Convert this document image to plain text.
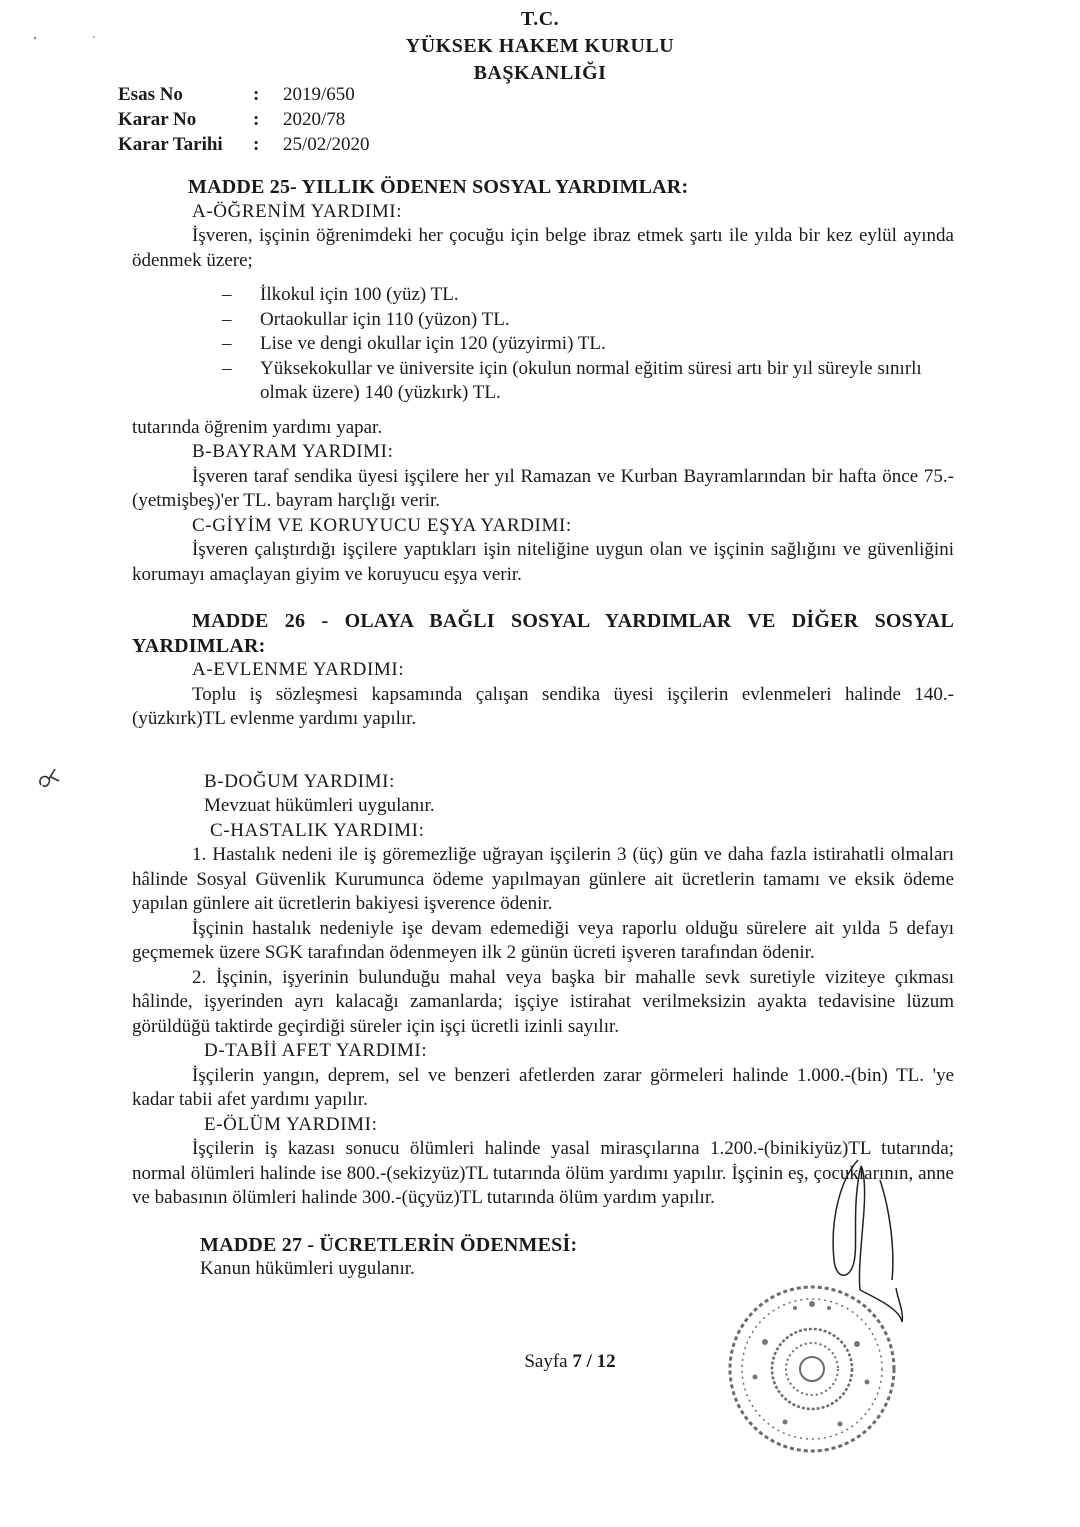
T.C.
YÜKSEK HAKEM KURULU
BAŞKANLIĞI
Esas No	:	2019/650
Karar No	:	2020/78
Karar Tarihi	:	25/02/2020
MADDE 25- YILLIK ÖDENEN SOSYAL YARDIMLAR:
A-ÖĞRENİM YARDIMI:
İşveren, işçinin öğrenimdeki her çocuğu için belge ibraz etmek şartı ile yılda bir kez eylül ayında ödenmek üzere;
– İlkokul için 100 (yüz) TL.
– Ortaokullar için 110 (yüzon) TL.
– Lise ve dengi okullar için 120 (yüzyirmi) TL.
– Yüksekokullar ve üniversite için (okulun normal eğitim süresi artı bir yıl süreyle sınırlı olmak üzere) 140 (yüzkırk) TL.
tutarında öğrenim yardımı yapar.
B-BAYRAM YARDIMI:
İşveren taraf sendika üyesi işçilere her yıl Ramazan ve Kurban Bayramlarından bir hafta önce 75.-(yetmişbeş)'er TL. bayram harçlığı verir.
C-GİYİM VE KORUYUCU EŞYA YARDIMI:
İşveren çalıştırdığı işçilere yaptıkları işin niteliğine uygun olan ve işçinin sağlığını ve güvenliğini korumayı amaçlayan giyim ve koruyucu eşya verir.
MADDE 26 - OLAYA BAĞLI SOSYAL YARDIMLAR VE DİĞER SOSYAL
YARDIMLAR:
A-EVLENME YARDIMI:
Toplu iş sözleşmesi kapsamında çalışan sendika üyesi işçilerin evlenmeleri halinde 140.-(yüzkırk)TL evlenme yardımı yapılır.
B-DOĞUM YARDIMI:
Mevzuat hükümleri uygulanır.
C-HASTALIK YARDIMI:
1. Hastalık nedeni ile iş göremezliğe uğrayan işçilerin 3 (üç) gün ve daha fazla istirahatli olmaları hâlinde Sosyal Güvenlik Kurumunca ödeme yapılmayan günlere ait ücretlerin tamamı ve eksik ödeme yapılan günlere ait ücretlerin bakiyesi işverence ödenir.
İşçinin hastalık nedeniyle işe devam edemediği veya raporlu olduğu sürelere ait yılda 5 defayı geçmemek üzere SGK tarafından ödenmeyen ilk 2 günün ücreti işveren tarafından ödenir.
2. İşçinin, işyerinin bulunduğu mahal veya başka bir mahalle sevk suretiyle viziteye çıkması hâlinde, işyerinden ayrı kalacağı zamanlarda; işçiye istirahat verilmeksizin ayakta tedavisine lüzum görüldüğü taktirde geçirdiği süreler için işçi ücretli izinli sayılır.
D-TABİİ AFET YARDIMI:
İşçilerin yangın, deprem, sel ve benzeri afetlerden zarar görmeleri halinde 1.000.-(bin) TL. 'ye kadar tabii afet yardımı yapılır.
E-ÖLÜM YARDIMI:
İşçilerin iş kazası sonucu ölümleri halinde yasal mirasçılarına 1.200.-(binikiyüz)TL tutarında; normal ölümleri halinde ise 800.-(sekizyüz)TL tutarında ölüm yardımı yapılır. İşçinin eş, çocuklarının, anne ve babasının ölümleri halinde 300.-(üçyüz)TL tutarında ölüm yardım yapılır.
MADDE 27 - ÜCRETLERİN ÖDENMESİ:
Kanun hükümleri uygulanır.
Sayfa 7 / 12
